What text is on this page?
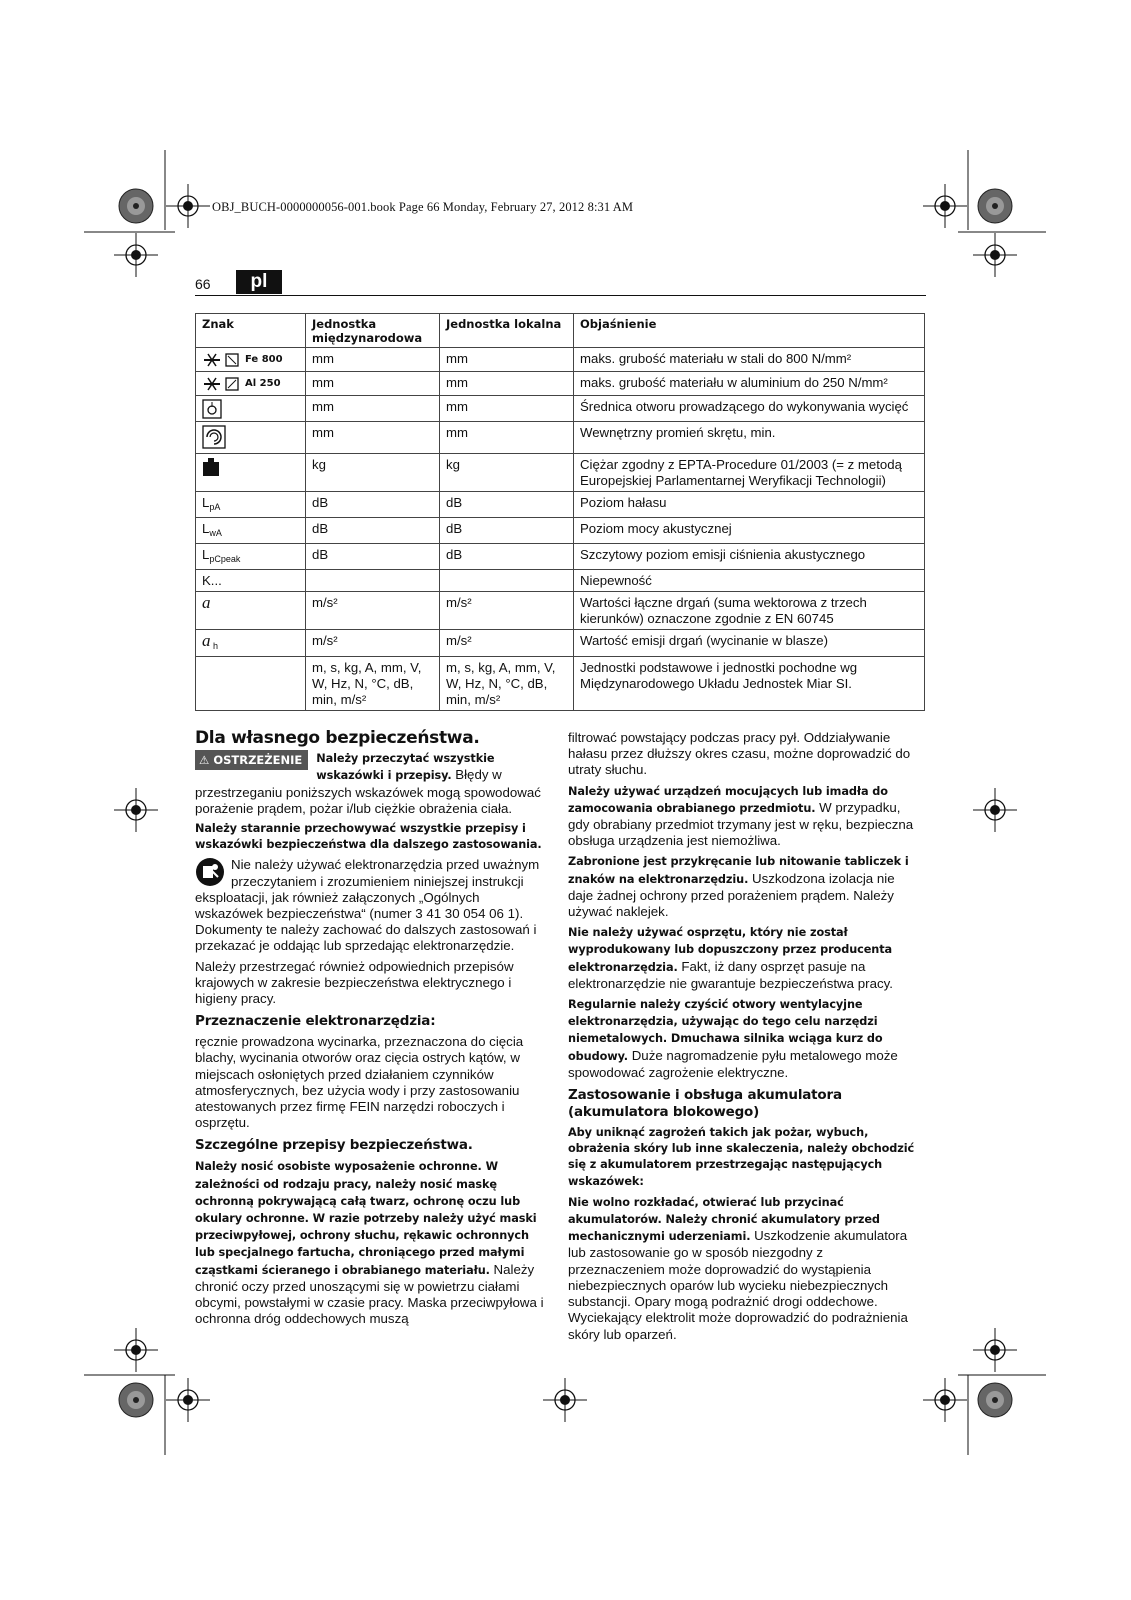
OBJ_BUCH-0000000056-001.book Page 66 Monday, February 27, 2012 8:31 AM
66	pl
Znak	Jednostka międzynarodowa	Jednostka lokalna	Objaśnienie
Fe 800	mm	mm	maks. grubość materiału w stali do 800 N/mm²
Al 250	mm	mm	maks. grubość materiału w aluminium do 250 N/mm²
	mm	mm	Średnica otworu prowadzącego do wykonywania wycięć
	mm	mm	Wewnętrzny promień skrętu, min.
	kg	kg	Ciężar zgodny z EPTA-Procedure 01/2003 (= z metodą Europejskiej Parlamentarnej Weryfikacji Technologii)
$L_{pA}$	dB	dB	Poziom hałasu
$L_{wA}$	dB	dB	Poziom mocy akustycznej
$L_{pCpeak}$	dB	dB	Szczytowy poziom emisji ciśnienia akustycznego
K...			Niepewność
a	m/s²	m/s²	Wartości łączne drgań (suma wektorowa z trzech kierunków) oznaczone zgodnie z EN 60745
a $_h$	m/s²	m/s²	Wartość emisji drgań (wycinanie w blasze)
	m, s, kg, A, mm, V, W, Hz, N, °C, dB, min, m/s²	m, s, kg, A, mm, V, W, Hz, N, °C, dB, min, m/s²	Jednostki podstawowe i jednostki pochodne wg Międzynarodowego Układu Jednostek Miar SI.
Dla własnego bezpieczeństwa.

⚠ OSTRZEŻENIE	Należy przeczytać wszystkie wskazówki i przepisy. Błędy w przestrzeganiu poniższych wskazówek mogą spowodować porażenie prądem, pożar i/lub ciężkie obrażenia ciała.

Należy starannie przechowywać wszystkie przepisy i wskazówki bezpieczeństwa dla dalszego zastosowania.

Nie należy używać elektronarzędzia przed uważnym przeczytaniem i zrozumieniem niniejszej instrukcji eksploatacji, jak również załączonych „Ogólnych wskazówek bezpieczeństwa“ (numer 3 41 30 054 06 1). Dokumenty te należy zachować do dalszych zastosowań i przekazać je oddając lub sprzedając elektronarzędzie.

Należy przestrzegać również odpowiednich przepisów krajowych w zakresie bezpieczeństwa elektrycznego i higieny pracy.

Przeznaczenie elektronarzędzia:

ręcznie prowadzona wycinarka, przeznaczona do cięcia blachy, wycinania otworów oraz cięcia ostrych kątów, w miejscach osłoniętych przed działaniem czynników atmosferycznych, bez użycia wody i przy zastosowaniu atestowanych przez firmę FEIN narzędzi roboczych i osprzętu.

Szczególne przepisy bezpieczeństwa.

Należy nosić osobiste wyposażenie ochronne. W zależności od rodzaju pracy, należy nosić maskę ochronną pokrywającą całą twarz, ochronę oczu lub okulary ochronne. W razie potrzeby należy użyć maski przeciwpyłowej, ochrony słuchu, rękawic ochronnych lub specjalnego fartucha, chroniącego przed małymi cząstkami ścieranego i obrabianego materiału. Należy chronić oczy przed unoszącymi się w powietrzu ciałami obcymi, powstałymi w czasie pracy. Maska przeciwpyłowa i ochronna dróg oddechowych muszą

filtrować powstający podczas pracy pył. Oddziaływanie hałasu przez dłuższy okres czasu, możne doprowadzić do utraty słuchu.

Należy używać urządzeń mocujących lub imadła do zamocowania obrabianego przedmiotu. W przypadku, gdy obrabiany przedmiot trzymany jest w ręku, bezpieczna obsługa urządzenia jest niemożliwa.

Zabronione jest przykręcanie lub nitowanie tabliczek i znaków na elektronarzędziu. Uszkodzona izolacja nie daje żadnej ochrony przed porażeniem prądem. Należy używać naklejek.

Nie należy używać osprzętu, który nie został wyprodukowany lub dopuszczony przez producenta elektronarzędzia. Fakt, iż dany osprzęt pasuje na elektronarzędzie nie gwarantuje bezpieczeństwa pracy.

Regularnie należy czyścić otwory wentylacyjne elektronarzędzia, używając do tego celu narzędzi niemetalowych. Dmuchawa silnika wciąga kurz do obudowy. Duże nagromadzenie pyłu metalowego może spowodować zagrożenie elektryczne.

Zastosowanie i obsługa akumulatora (akumulatora blokowego)

Aby uniknąć zagrożeń takich jak pożar, wybuch, obrażenia skóry lub inne skaleczenia, należy obchodzić się z akumulatorem przestrzegając następujących wskazówek:

Nie wolno rozkładać, otwierać lub przycinać akumulatorów. Należy chronić akumulatory przed mechanicznymi uderzeniami. Uszkodzenie akumulatora lub zastosowanie go w sposób niezgodny z przeznaczeniem może doprowadzić do wystąpienia niebezpiecznych oparów lub wycieku niebezpiecznych substancji. Opary mogą podrażnić drogi oddechowe. Wyciekający elektrolit może doprowadzić do podrażnienia skóry lub oparzeń.
